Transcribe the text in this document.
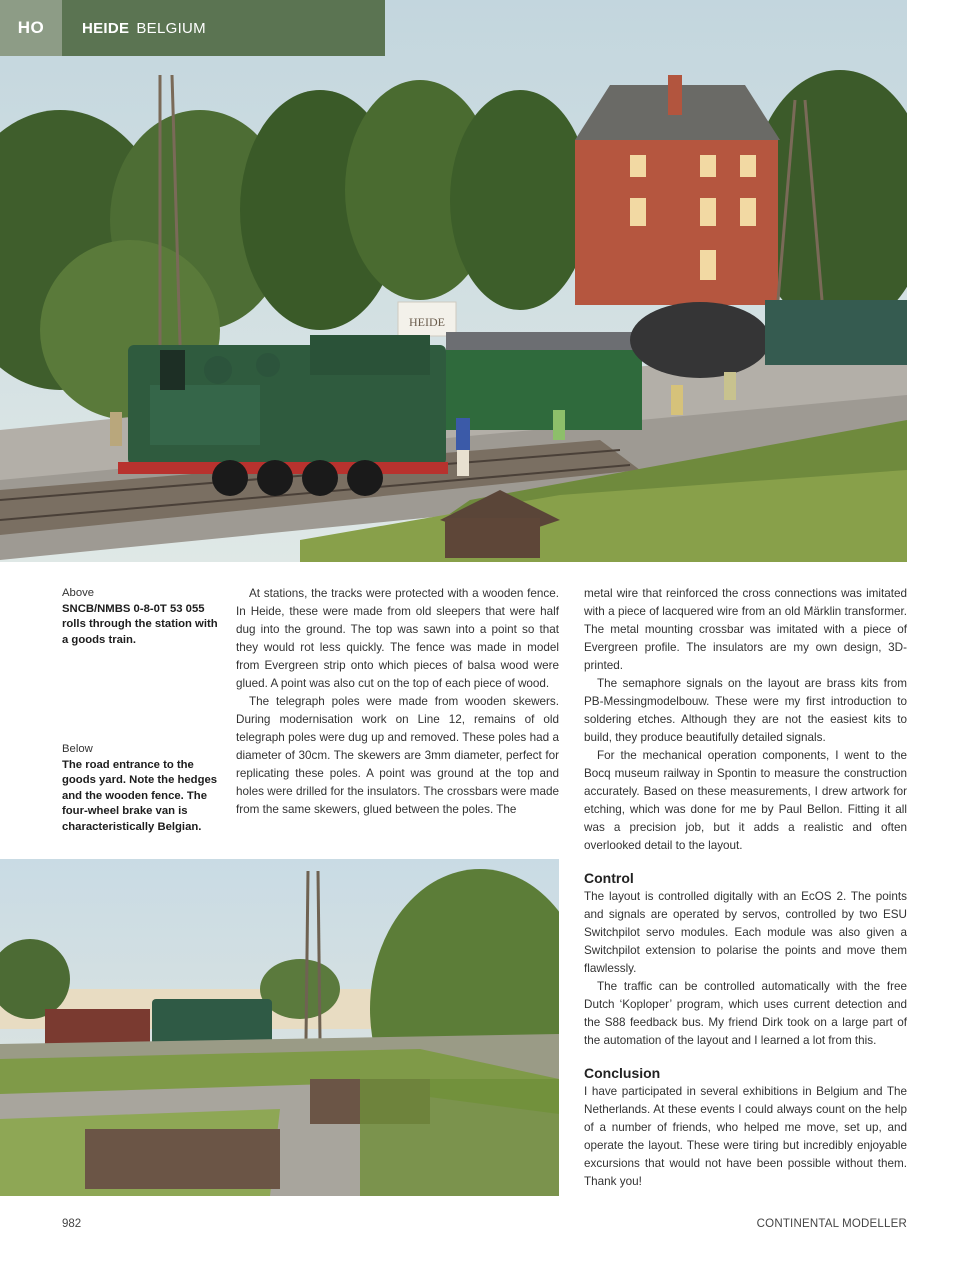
HO	HEIDE BELGIUM
HEIDE
Above
SNCB/NMBS 0-8-0T 53 055 rolls through the station with a goods train.
Below
The road entrance to the goods yard. Note the hedges and the wooden fence. The four-wheel brake van is characteristically Belgian.

At stations, the tracks were protected with a wooden fence. In Heide, these were made from old sleepers that were half dug into the ground. The top was sawn into a point so that they would rot less quickly. The fence was made in model from Evergreen strip onto which pieces of balsa wood were glued. A point was also cut on the top of each piece of wood.

The telegraph poles were made from wooden skewers. During modernisation work on Line 12, remains of old telegraph poles were dug up and removed. These poles had a diameter of 30cm. The skewers are 3mm diameter, perfect for replicating these poles. A point was ground at the top and holes were drilled for the insulators. The crossbars were made from the same skewers, glued between the poles. The

metal wire that reinforced the cross connections was imitated with a piece of lacquered wire from an old Märklin transformer. The metal mounting crossbar was imitated with a piece of Evergreen profile. The insulators are my own design, 3D-printed.

The semaphore signals on the layout are brass kits from PB-Messingmodelbouw. These were my first introduction to soldering etches. Although they are not the easiest kits to build, they produce beautifully detailed signals.

For the mechanical operation components, I went to the Bocq museum railway in Spontin to measure the construction accurately. Based on these measurements, I drew artwork for etching, which was done for me by Paul Bellon. Fitting it all was a precision job, but it adds a realistic and often overlooked detail to the layout.

Control

The layout is controlled digitally with an EcOS 2. The points and signals are operated by servos, controlled by two ESU Switchpilot servo modules. Each module was also given a Switchpilot extension to polarise the points and move them flawlessly.

The traffic can be controlled automatically with the free Dutch ‘Koploper’ program, which uses current detection and the S88 feedback bus. My friend Dirk took on a large part of the automation of the layout and I learned a lot from this.

Conclusion

I have participated in several exhibitions in Belgium and The Netherlands. At these events I could always count on the help of a number of friends, who helped me move, set up, and operate the layout. These were tiring but incredibly enjoyable excursions that would not have been possible without them. Thank you!

982	CONTINENTAL MODELLER
